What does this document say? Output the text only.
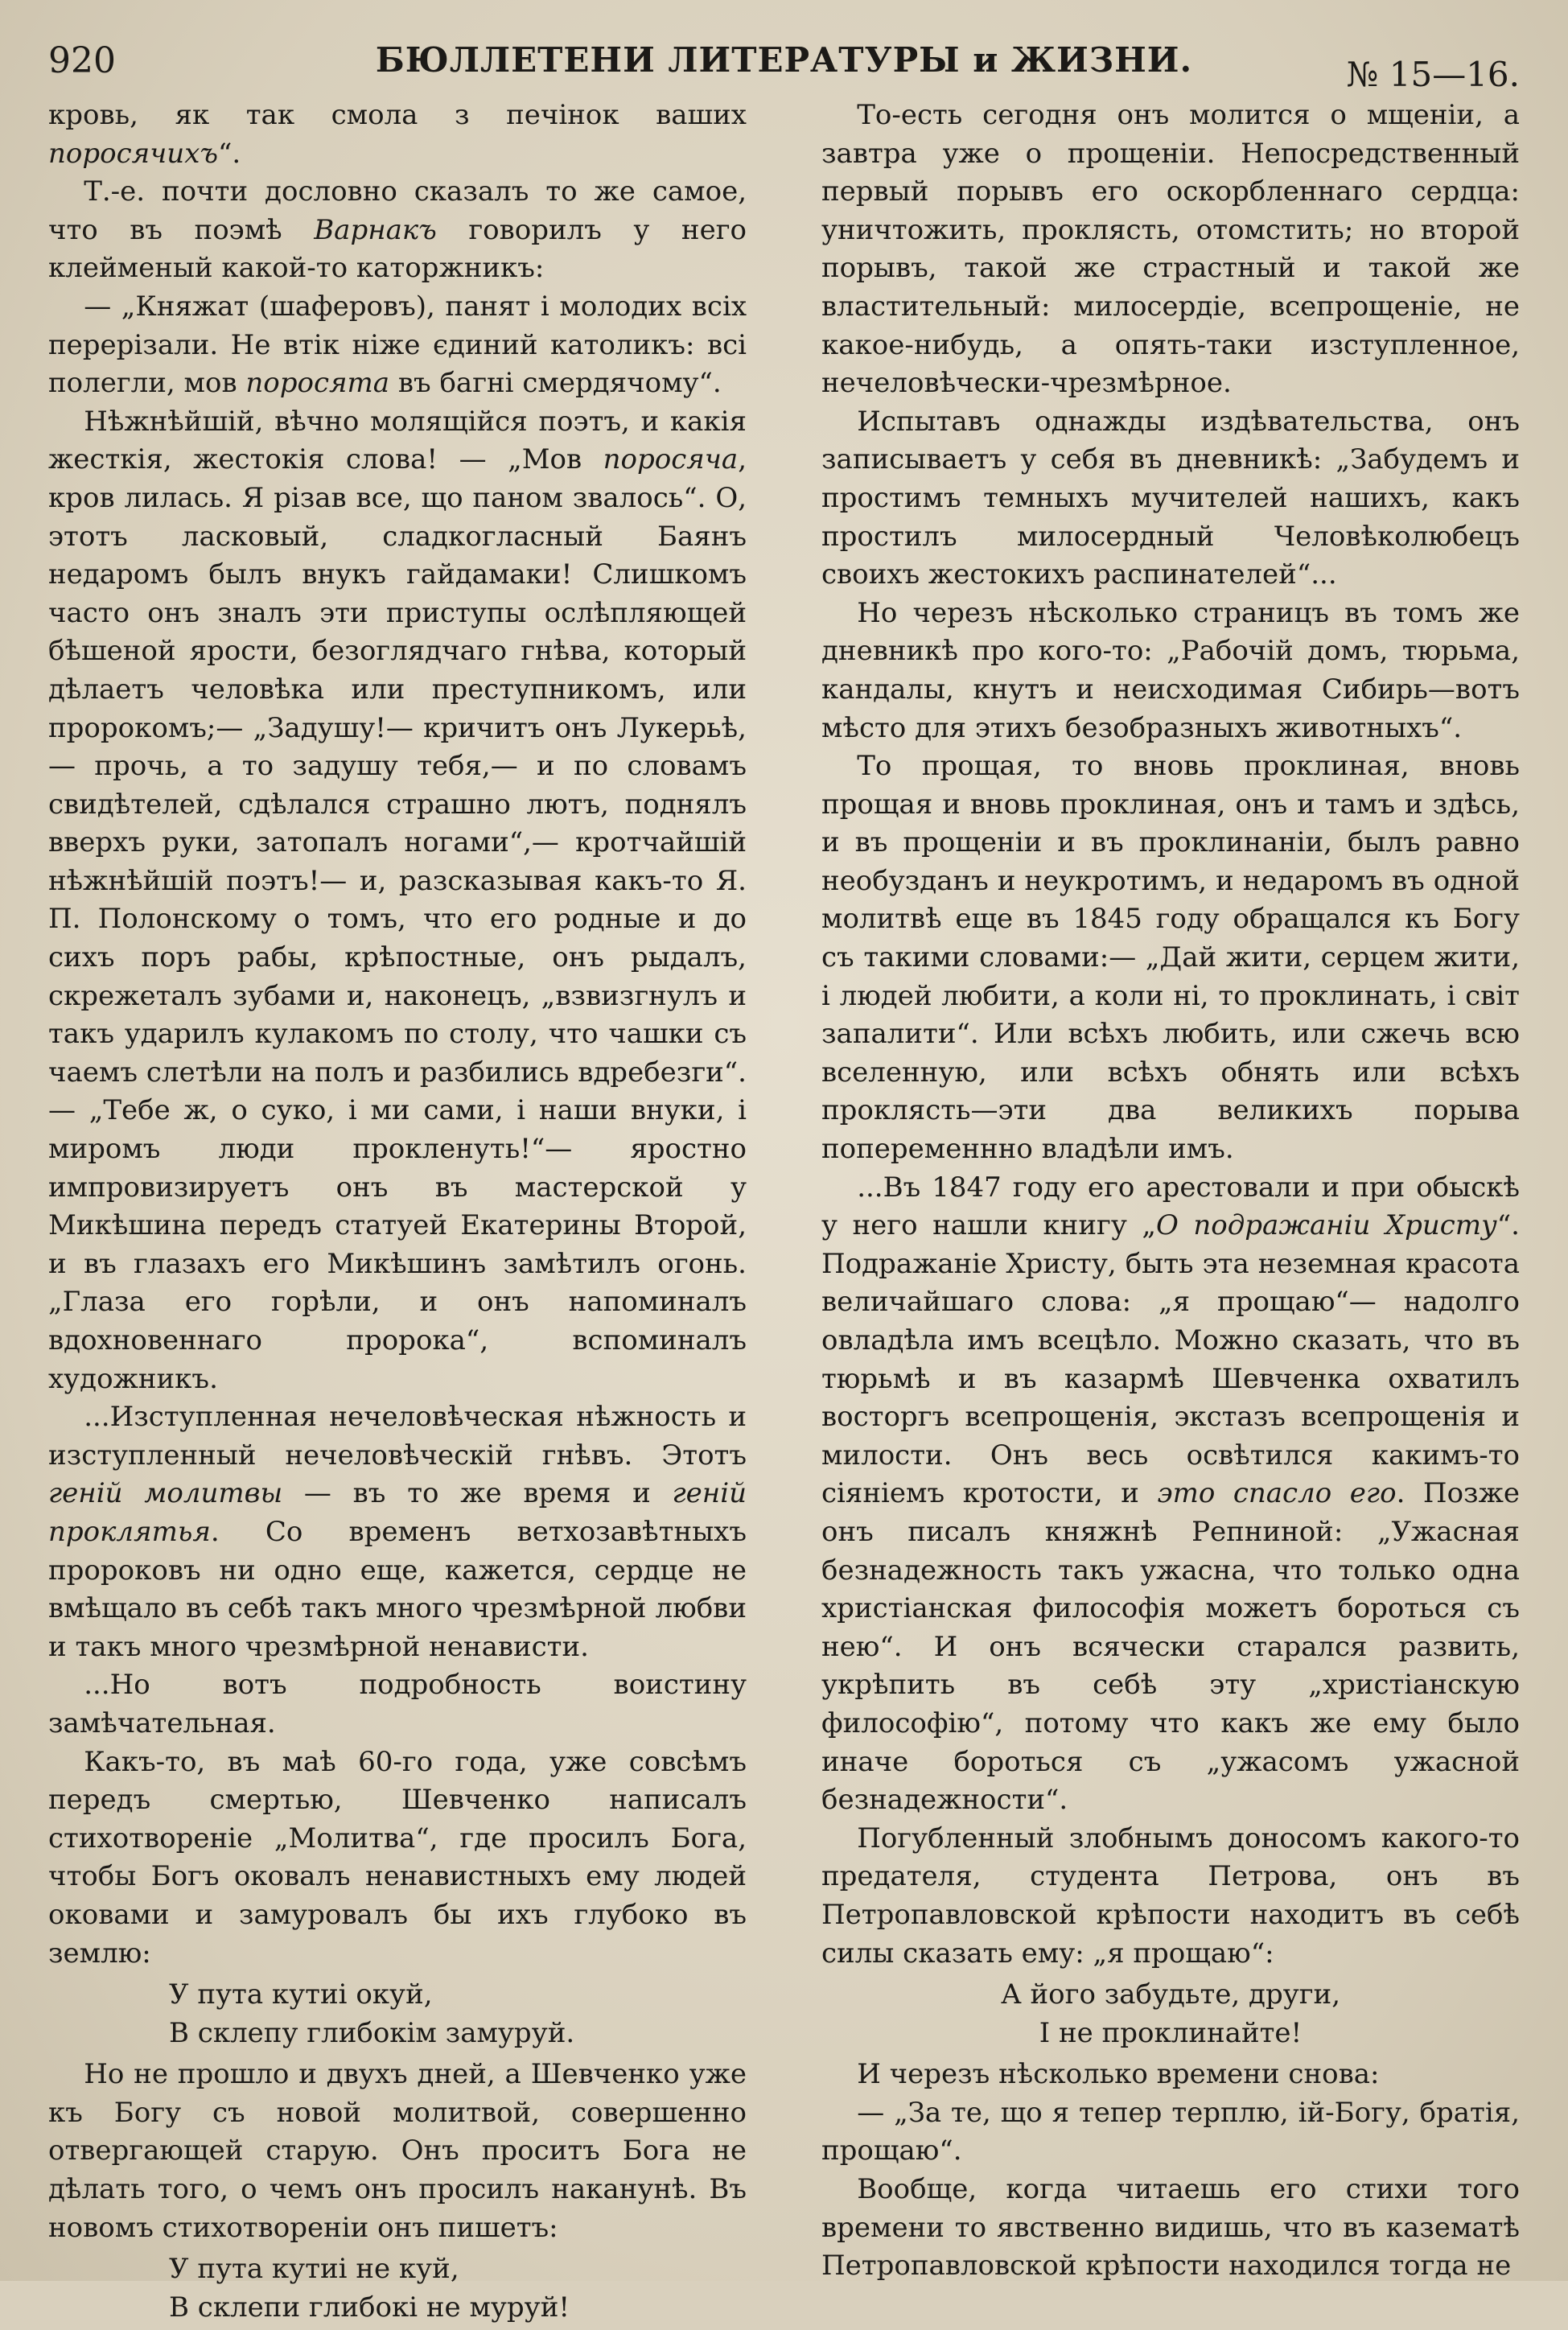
920	БЮЛЛЕТЕНИ ЛИТЕРАТУРЫ и ЖИЗНИ.	№ 15—16.

кровь, як так смола з печінок ваших поросячихъ“.

Т.-е. почти дословно сказалъ то же самое, что въ поэмѣ Варнакъ говорилъ у него клейменый какой-то каторжникъ:

— „Княжат (шаферовъ), панят і молодих всіх перерізали. Не втік ніже єдиний католикъ: всі полегли, мов поросята въ багні смердячому“.

Нѣжнѣйшій, вѣчно молящійся поэтъ, и какія жесткія, жестокія слова! — „Мов поросяча, кров лилась. Я різав все, що паном звалось“. О, этотъ ласковый, сладкогласный Баянъ недаромъ былъ внукъ гайдамаки! Слишкомъ часто онъ зналъ эти приступы ослѣпляющей бѣшеной ярости, безоглядчаго гнѣва, который дѣлаетъ человѣка или преступникомъ, или пророкомъ;— „Задушу!— кричитъ онъ Лукерьѣ,— прочь, а то задушу тебя,— и по словамъ свидѣтелей, сдѣлался страшно лютъ, поднялъ вверхъ руки, затопалъ ногами“,— кротчайшій нѣжнѣйшій поэтъ!— и, разсказывая какъ-то Я. П. Полонскому о томъ, что его родные и до сихъ поръ рабы, крѣпостные, онъ рыдалъ, скрежеталъ зубами и, наконецъ, „взвизгнулъ и такъ ударилъ кулакомъ по столу, что чашки съ чаемъ слетѣли на полъ и разбились вдребезги“.— „Тебе ж, о суко, і ми сами, і наши внуки, і миромъ люди прокленуть!“— яростно импровизируетъ онъ въ мастерской у Микѣшина передъ статуей Екатерины Второй, и въ глазахъ его Микѣшинъ замѣтилъ огонь. „Глаза его горѣли, и онъ напоминалъ вдохновеннаго пророка“, вспоминалъ художникъ.

...Изступленная нечеловѣческая нѣжность и изступленный нечеловѣческій гнѣвъ. Этотъ геній молитвы — въ то же время и геній проклятья. Со временъ ветхозавѣтныхъ пророковъ ни одно еще, кажется, сердце не вмѣщало въ себѣ такъ много чрезмѣрной любви и такъ много чрезмѣрной ненависти.

...Но вотъ подробность воистину замѣчательная.

Какъ-то, въ маѣ 60-го года, уже совсѣмъ передъ смертью, Шевченко написалъ стихотвореніе „Молитва“, где просилъ Бога, чтобы Богъ оковалъ ненавистныхъ ему людей оковами и замуровалъ бы ихъ глубоко въ землю:

У пута кутиі окуй,
В склепу глибокім замуруй.

Но не прошло и двухъ дней, а Шевченко уже къ Богу съ новой молитвой, совершенно отвергающей старую. Онъ проситъ Бога не дѣлать того, о чемъ онъ просилъ наканунѣ. Въ новомъ стихотвореніи онъ пишетъ:

У пута кутиі не куй,
В склепи глибокі не муруй!

То-есть сегодня онъ молится о мщеніи, а завтра уже о прощеніи. Непосредственный первый порывъ его оскорбленнаго сердца: уничтожить, проклясть, отомстить; но второй порывъ, такой же страстный и такой же властительный: милосердіе, всепрощеніе, не какое-нибудь, а опять-таки изступленное, нечеловѣчески-чрезмѣрное.

Испытавъ однажды издѣвательства, онъ записываетъ у себя въ дневникѣ: „Забудемъ и простимъ темныхъ мучителей нашихъ, какъ простилъ милосердный Человѣколюбецъ своихъ жестокихъ распинателей“...

Но черезъ нѣсколько страницъ въ томъ же дневникѣ про кого-то: „Рабочій домъ, тюрьма, кандалы, кнутъ и неисходимая Сибирь—вотъ мѣсто для этихъ безобразныхъ животныхъ“.

То прощая, то вновь проклиная, вновь прощая и вновь проклиная, онъ и тамъ и здѣсь, и въ прощеніи и въ проклинаніи, былъ равно необузданъ и неукротимъ, и недаромъ въ одной молитвѣ еще въ 1845 году обращался къ Богу съ такими словами:— „Дай жити, серцем жити, і людей любити, а коли ні, то проклинать, і світ запалити“. Или всѣхъ любить, или сжечь всю вселенную, или всѣхъ обнять или всѣхъ проклясть—эти два великихъ порыва попеременнно владѣли имъ.

...Въ 1847 году его арестовали и при обыскѣ у него нашли книгу „О подражаніи Христу“. Подражаніе Христу, быть эта неземная красота величайшаго слова: „я прощаю“— надолго овладѣла имъ всецѣло. Можно сказать, что въ тюрьмѣ и въ казармѣ Шевченка охватилъ восторгъ всепрощенія, экстазъ всепрощенія и милости. Онъ весь освѣтился какимъ-то сіяніемъ кротости, и это спасло его. Позже онъ писалъ княжнѣ Репниной: „Ужасная безнадежность такъ ужасна, что только одна христіанская философія можетъ бороться съ нею“. И онъ всячески старался развить, укрѣпить въ себѣ эту „христіанскую философію“, потому что какъ же ему было иначе бороться съ „ужасомъ ужасной безнадежности“.

Погубленный злобнымъ доносомъ какого-то предателя, студента Петрова, онъ въ Петропавловской крѣпости находитъ въ себѣ силы сказать ему: „я прощаю“:

А його забудьте, други,
І не проклинайте!

И черезъ нѣсколько времени снова:

— „За те, що я тепер терплю, ій-Богу, братія, прощаю“.

Вообще, когда читаешь его стихи того времени то явственно видишь, что въ казематѣ Петропавловской крѣпости находился тогда не
